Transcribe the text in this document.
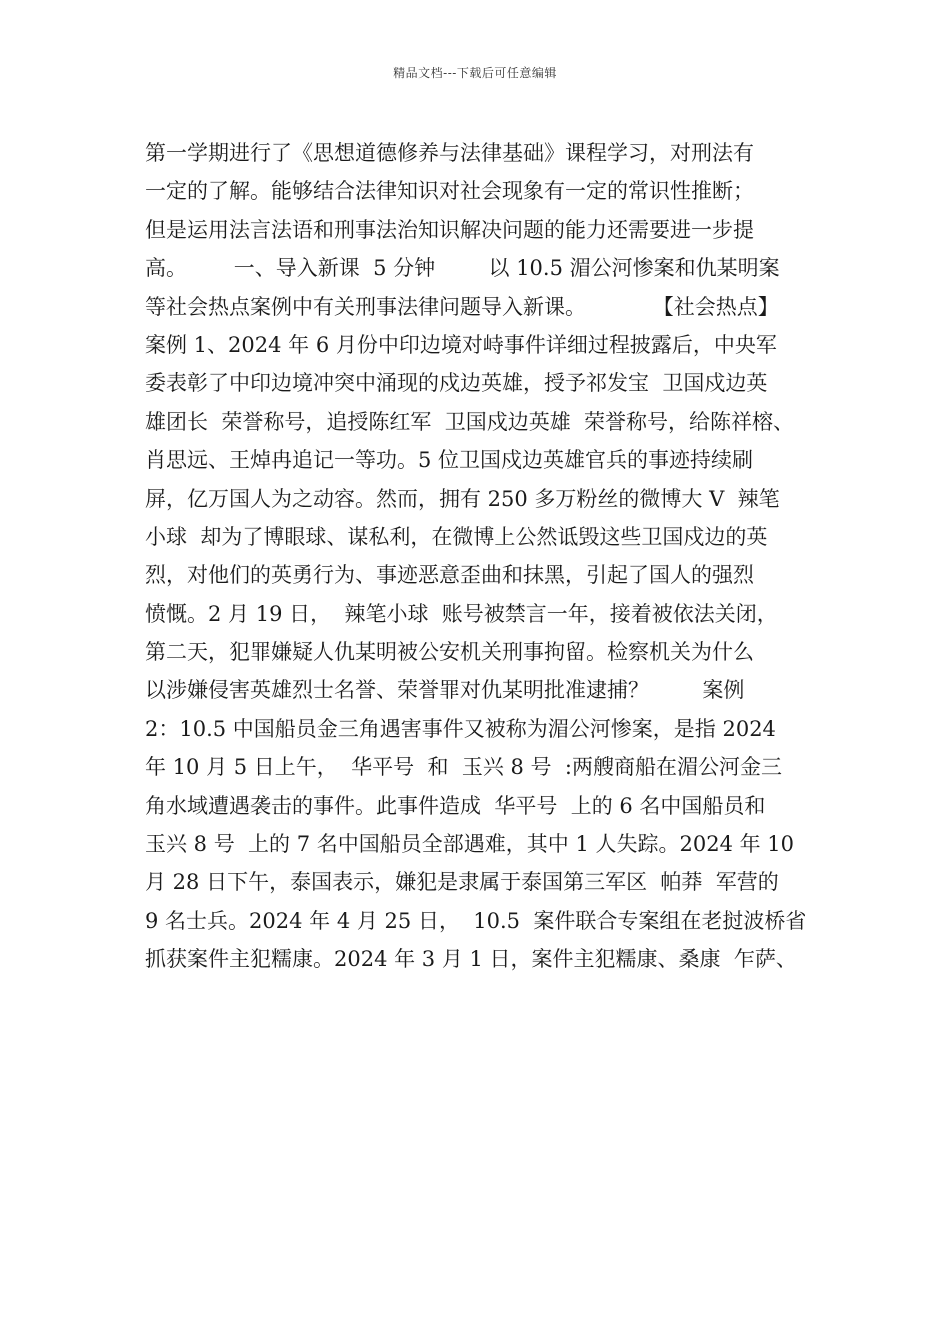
精品文档---下载后可任意编辑
第一学期进行了《思想道德修养与法律基础》课程学习，对刑法有
一定的了解。能够结合法律知识对社会现象有一定的常识性推断；
但是运用法言法语和刑事法治知识解决问题的能力还需要进一步提
高。       一、导入新课  5 分钟        以 10.5 湄公河惨案和仇某明案
等社会热点案例中有关刑事法律问题导入新课。          【社会热点】
案例 1、2024 年 6 月份中印边境对峙事件详细过程披露后，中央军
委表彰了中印边境冲突中涌现的戍边英雄，授予祁发宝  卫国戍边英
雄团长  荣誉称号，追授陈红军  卫国戍边英雄  荣誉称号，给陈祥榕、
肖思远、王焯冉追记一等功。5 位卫国戍边英雄官兵的事迹持续刷
屏，亿万国人为之动容。然而，拥有 250 多万粉丝的微博大 V  辣笔
小球  却为了博眼球、谋私利，在微博上公然诋毁这些卫国戍边的英
烈，对他们的英勇行为、事迹恶意歪曲和抹黑，引起了国人的强烈
愤慨。2 月 19 日，  辣笔小球  账号被禁言一年，接着被依法关闭，
第二天，犯罪嫌疑人仇某明被公安机关刑事拘留。检察机关为什么
以涉嫌侵害英雄烈士名誉、荣誉罪对仇某明批准逮捕？        案例
2：10.5 中国船员金三角遇害事件又被称为湄公河惨案，是指 2024
年 10 月 5 日上午，  华平号  和  玉兴 8 号  :两艘商船在湄公河金三
角水域遭遇袭击的事件。此事件造成  华平号  上的 6 名中国船员和
玉兴 8 号  上的 7 名中国船员全部遇难，其中 1 人失踪。2024 年 10
月 28 日下午，泰国表示，嫌犯是隶属于泰国第三军区  帕莽  军营的
9 名士兵。2024 年 4 月 25 日，  10.5  案件联合专案组在老挝波桥省
抓获案件主犯糯康。2024 年 3 月 1 日，案件主犯糯康、桑康  乍萨、
